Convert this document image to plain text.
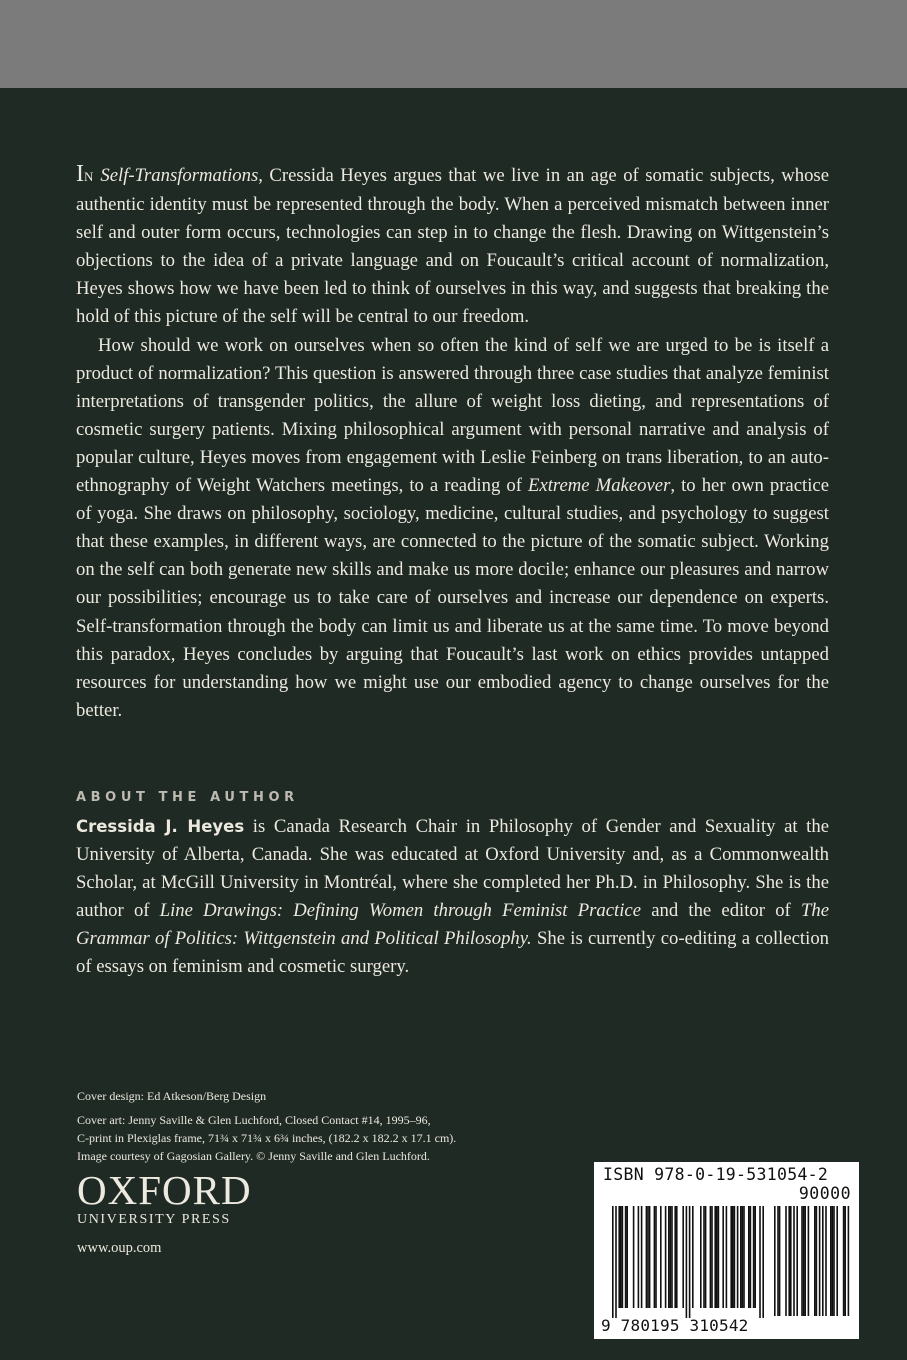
IN Self-Transformations, Cressida Heyes argues that we live in an age of somatic subjects, whose authentic identity must be represented through the body. When a perceived mismatch between inner self and outer form occurs, technologies can step in to change the flesh. Drawing on Wittgenstein’s objections to the idea of a private language and on Foucault’s critical account of normalization, Heyes shows how we have been led to think of ourselves in this way, and suggests that breaking the hold of this picture of the self will be central to our freedom.

How should we work on ourselves when so often the kind of self we are urged to be is itself a product of normalization? This question is answered through three case studies that analyze feminist interpretations of transgender politics, the allure of weight loss dieting, and representations of cosmetic surgery patients. Mixing philosophical argument with personal narrative and analysis of popular culture, Heyes moves from engagement with Leslie Feinberg on trans liberation, to an auto-ethnography of Weight Watchers meetings, to a reading of Extreme Makeover, to her own practice of yoga. She draws on philosophy, sociology, medicine, cultural studies, and psychology to suggest that these examples, in different ways, are connected to the picture of the somatic subject. Working on the self can both generate new skills and make us more docile; enhance our pleasures and narrow our possibilities; encourage us to take care of ourselves and increase our dependence on experts. Self-transformation through the body can limit us and liberate us at the same time. To move beyond this paradox, Heyes concludes by arguing that Foucault’s last work on ethics provides untapped resources for understanding how we might use our embodied agency to change ourselves for the better.

ABOUT THE AUTHOR
Cressida J. Heyes is Canada Research Chair in Philosophy of Gender and Sexuality at the University of Alberta, Canada. She was educated at Oxford University and, as a Commonwealth Scholar, at McGill University in Montréal, where she completed her Ph.D. in Philosophy. She is the author of Line Drawings: Defining Women through Feminist Practice and the editor of The Grammar of Politics: Wittgenstein and Political Philosophy. She is currently co-editing a collection of essays on feminism and cosmetic surgery.
Cover design: Ed Atkeson/Berg Design
Cover art: Jenny Saville & Glen Luchford, Closed Contact #14, 1995–96,
C-print in Plexiglas frame, 71¾ x 71¾ x 6¾ inches, (182.2 x 182.2 x 17.1 cm).
Image courtesy of Gagosian Gallery. © Jenny Saville and Glen Luchford.
OXFORD
UNIVERSITY PRESS
www.oup.com
ISBN 978-0-19-531054-2
90000
9 780195 310542
